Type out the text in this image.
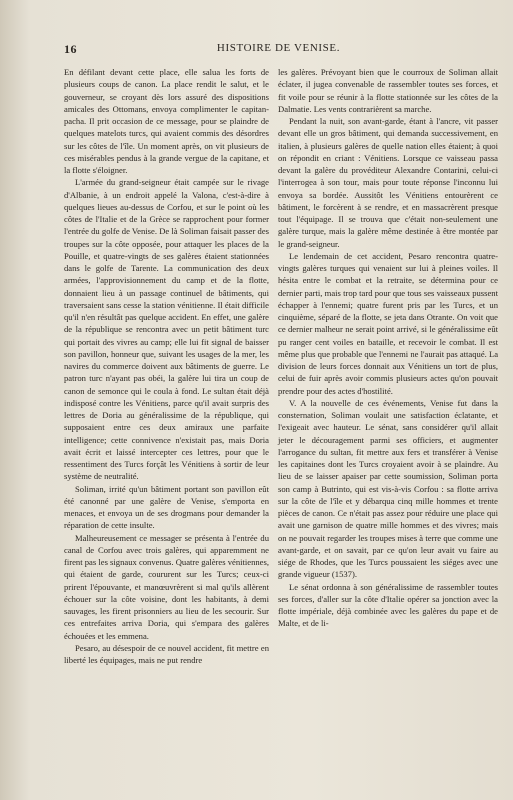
16	HISTOIRE DE VENISE.

En défilant devant cette place, elle salua les forts de plusieurs coups de canon. La place rendit le salut, et le gouverneur, se croyant dès lors assuré des dispositions amicales des Ottomans, envoya complimenter le capitan-pacha. Il prit occasion de ce message, pour se plaindre de quelques matelots turcs, qui avaient commis des désordres sur les côtes de l'île. Un moment après, on vit plusieurs de ces misérables pendus à la grande vergue de la capitane, et la flotte s'éloigner.

L'armée du grand-seigneur était campée sur le rivage d'Albanie, à un endroit appelé la Valona, c'est-à-dire à quelques lieues au-dessus de Corfou, et sur le point où les côtes de l'Italie et de la Grèce se rapprochent pour former l'entrée du golfe de Venise. De là Soliman faisait passer des troupes sur la côte opposée, pour attaquer les places de la Pouille, et quatre-vingts de ses galères étaient stationnées dans le golfe de Tarente. La communication des deux armées, l'approvisionnement du camp et de la flotte, donnaient lieu à un passage continuel de bâtiments, qui traversaient sans cesse la station vénitienne. Il était difficile qu'il n'en résultât pas quelque accident. En effet, une galère de la république se rencontra avec un petit bâtiment turc qui portait des vivres au camp; elle lui fit signal de baisser son pavillon, honneur que, suivant les usages de la mer, les navires du commerce doivent aux bâtiments de guerre. Le patron turc n'ayant pas obéi, la galère lui tira un coup de canon de semonce qui le coula à fond. Le sultan était déjà indisposé contre les Vénitiens, parce qu'il avait surpris des lettres de Doria au généralissime de la république, qui supposaient entre ces deux amiraux une parfaite intelligence; cette connivence n'existait pas, mais Doria avait écrit et laissé intercepter ces lettres, pour que le ressentiment des Turcs forçât les Vénitiens à sortir de leur système de neutralité.

Soliman, irrité qu'un bâtiment portant son pavillon eût été canonné par une galère de Venise, s'emporta en menaces, et envoya un de ses drogmans pour demander la réparation de cette insulte.

Malheureusement ce messager se présenta à l'entrée du canal de Corfou avec trois galères, qui apparemment ne firent pas les signaux convenus. Quatre galères vénitiennes, qui étaient de garde, coururent sur les Turcs; ceux-ci prirent l'épouvante, et manœuvrèrent si mal qu'ils allèrent échouer sur la côte voisine, dont les habitants, à demi sauvages, les firent prisonniers au lieu de les secourir. Sur ces entrefaites arriva Doria, qui s'empara des galères échouées et les emmena.

Pesaro, au désespoir de ce nouvel accident, fit mettre en liberté les équipages, mais ne put rendre

les galères. Prévoyant bien que le courroux de Soliman allait éclater, il jugea convenable de rassembler toutes ses forces, et fit voile pour se réunir à la flotte stationnée sur les côtes de la Dalmatie. Les vents contrarièrent sa marche.

Pendant la nuit, son avant-garde, étant à l'ancre, vit passer devant elle un gros bâtiment, qui demanda successivement, en italien, à plusieurs galères de quelle nation elles étaient; à quoi on répondit en criant : Vénitiens. Lorsque ce vaisseau passa devant la galère du provéditeur Alexandre Contarini, celui-ci l'interrogea à son tour, mais pour toute réponse l'inconnu lui envoya sa bordée. Aussitôt les Vénitiens entourèrent ce bâtiment, le forcèrent à se rendre, et en massacrèrent presque tout l'équipage. Il se trouva que c'était non-seulement une galère turque, mais la galère même destinée à être montée par le grand-seigneur.

Le lendemain de cet accident, Pesaro rencontra quatre-vingts galères turques qui venaient sur lui à pleines voiles. Il hésita entre le combat et la retraite, se détermina pour ce dernier parti, mais trop tard pour que tous ses vaisseaux pussent échapper à l'ennemi; quatre furent pris par les Turcs, et un cinquième, séparé de la flotte, se jeta dans Otrante. On voit que ce dernier malheur ne serait point arrivé, si le généralissime eût pu ranger cent voiles en bataille, et recevoir le combat. Il est même plus que probable que l'ennemi ne l'aurait pas attaqué. La division de leurs forces donnait aux Vénitiens un tort de plus, celui de fuir après avoir commis plusieurs actes qu'on pouvait prendre pour des actes d'hostilité.

V. A la nouvelle de ces événements, Venise fut dans la consternation, Soliman voulait une satisfaction éclatante, et l'exigeait avec hauteur. Le sénat, sans considérer qu'il allait jeter le découragement parmi ses officiers, et augmenter l'arrogance du sultan, fit mettre aux fers et transférer à Venise les capitaines dont les Turcs croyaient avoir à se plaindre. Au lieu de se laisser apaiser par cette soumission, Soliman porta son camp à Butrinto, qui est vis-à-vis Corfou : sa flotte arriva sur la côte de l'île et y débarqua cinq mille hommes et trente pièces de canon. Ce n'était pas assez pour réduire une place qui avait une garnison de quatre mille hommes et des vivres; mais on ne pouvait regarder les troupes mises à terre que comme une avant-garde, et on savait, par ce qu'on leur avait vu faire au siége de Rhodes, que les Turcs poussaient les siéges avec une grande vigueur (1537).

Le sénat ordonna à son généralissime de rassembler toutes ses forces, d'aller sur la côte d'Italie opérer sa jonction avec la flotte impériale, déjà combinée avec les galères du pape et de Malte, et de li-
